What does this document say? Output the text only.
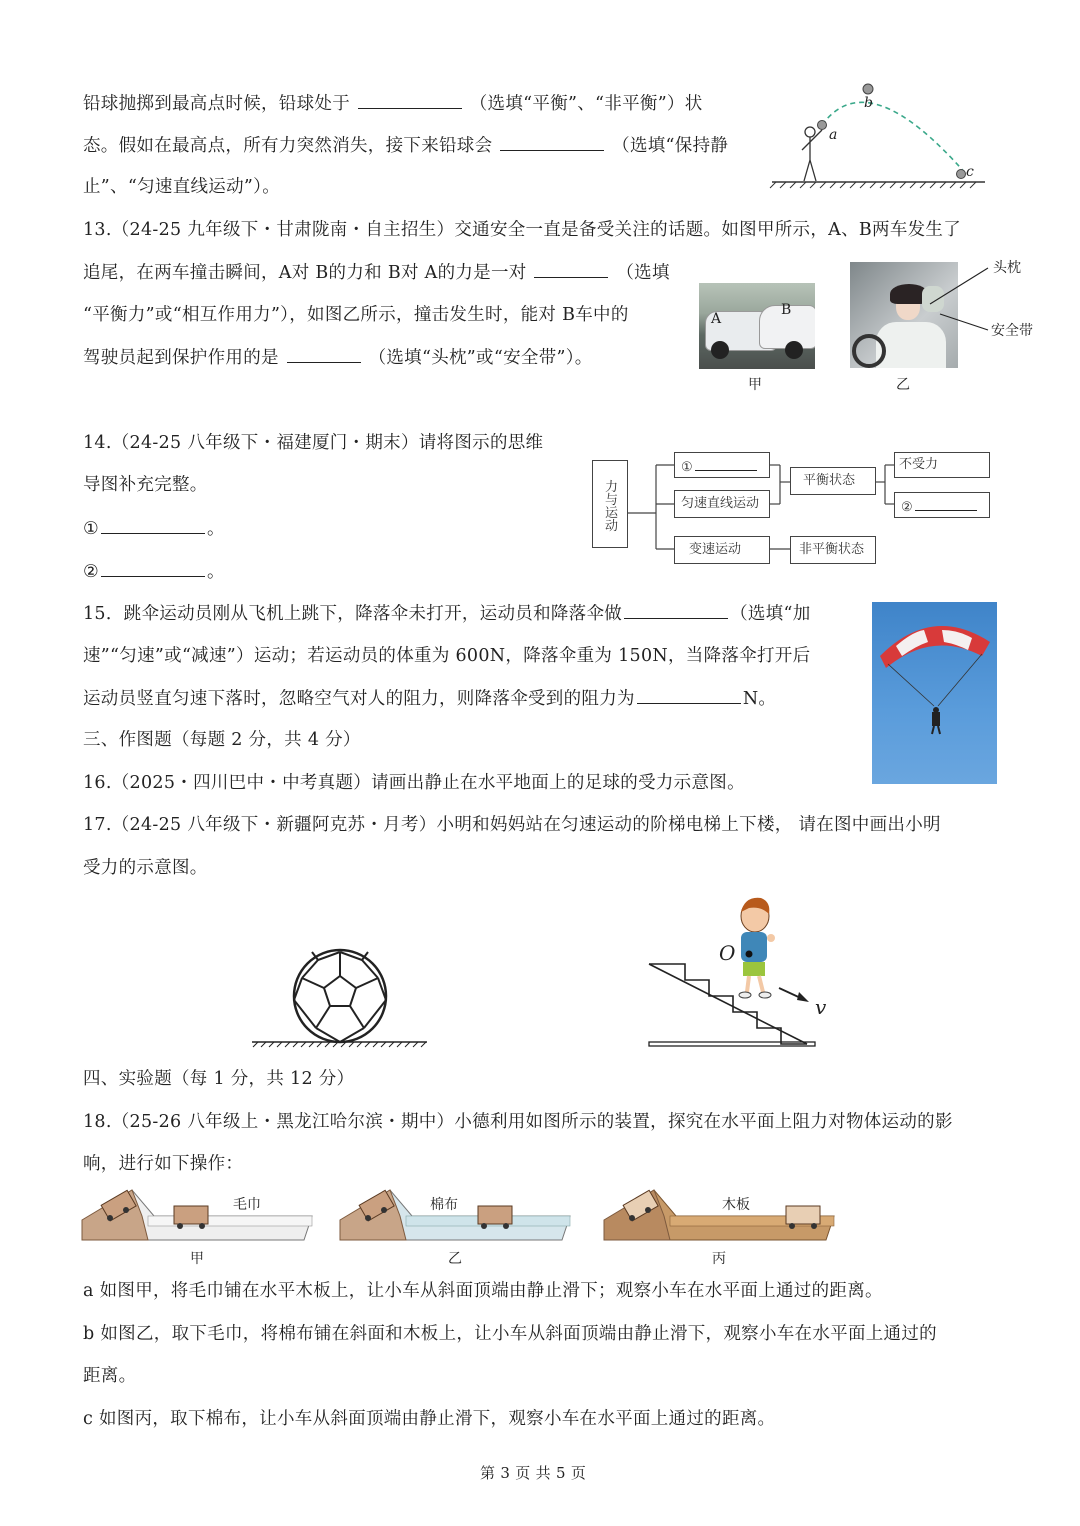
铅球抛掷到最高点时候，铅球处于	（选填“平衡”、“非平衡”）状
态。假如在最高点，所有力突然消失，接下来铅球会	（选填“保持静
止”、“匀速直线运动”）。
a
b
c
13.（24-25 九年级下・甘肃陇南・自主招生）交通安全一直是备受关注的话题。如图甲所示，A、B两车发生了
追尾，在两车撞击瞬间，A对 B的力和 B对 A的力是一对	（选填
“平衡力”或“相互作用力”），如图乙所示，撞击发生时，能对 B车中的
驾驶员起到保护作用的是	（选填“头枕”或“安全带”）。
A
B
甲
头枕
安全带
乙
14.（24-25 八年级下・福建厦门・期末）请将图示的思维
导图补充完整。
①	。
②	。
力与运动
①
匀速直线运动
变速运动
平衡状态
非平衡状态
不受力
②
15．跳伞运动员刚从飞机上跳下，降落伞未打开，运动员和降落伞做	（选填“加
速”“匀速”或“减速”）运动；若运动员的体重为 600N，降落伞重为 150N，当降落伞打开后
运动员竖直匀速下落时，忽略空气对人的阻力，则降落伞受到的阻力为	N。
三、作图题（每题 2 分，共 4 分）
16.（2025・四川巴中・中考真题）请画出静止在水平地面上的足球的受力示意图。
17.（24-25 八年级下・新疆阿克苏・月考）小明和妈妈站在匀速运动的阶梯电梯上下楼， 请在图中画出小明
受力的示意图。
O
v
四、实验题（每 1 分，共 12 分）
18.（25-26 八年级上・黑龙江哈尔滨・期中）小德利用如图所示的装置，探究在水平面上阻力对物体运动的影
响，进行如下操作：
毛巾
甲
棉布
乙
木板
丙
a 如图甲，将毛巾铺在水平木板上，让小车从斜面顶端由静止滑下；观察小车在水平面上通过的距离。
b 如图乙，取下毛巾，将棉布铺在斜面和木板上，让小车从斜面顶端由静止滑下，观察小车在水平面上通过的
距离。
c 如图丙，取下棉布，让小车从斜面顶端由静止滑下，观察小车在水平面上通过的距离。
第 3 页 共 5 页
